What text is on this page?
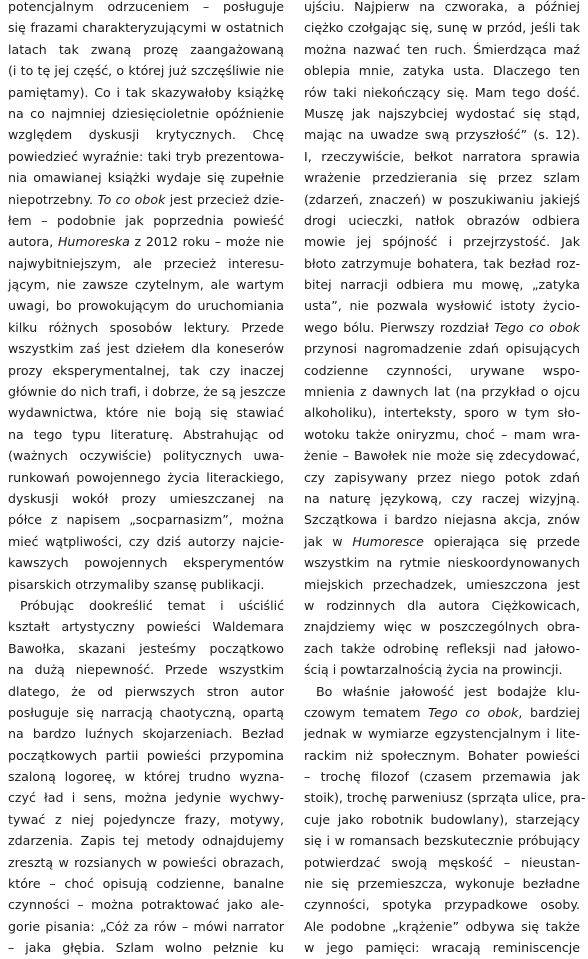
potencjalnym odrzuceniem – posługuje
się frazami charakteryzującymi w ostatnich
latach tak zwaną prozę zaangażowaną
(i to tę jej część, o której już szczęśliwie nie
pamiętamy). Co i tak skazywałoby książkę
na co najmniej dziesięcioletnie opóźnienie
względem dyskusji krytycznych. Chcę
powiedzieć wyraźnie: taki tryb prezentowa-
nia omawianej książki wydaje się zupełnie
niepotrzebny. To co obok jest przecież dzie-
łem – podobnie jak poprzednia powieść
autora, Humoreska z 2012 roku – może nie
najwybitniejszym, ale przecież interesu-
jącym, nie zawsze czytelnym, ale wartym
uwagi, bo prowokującym do uruchomiania
kilku różnych sposobów lektury. Przede
wszystkim zaś jest dziełem dla koneserów
prozy eksperymentalnej, tak czy inaczej
głównie do nich trafi, i dobrze, że są jeszcze
wydawnictwa, które nie boją się stawiać
na tego typu literaturę. Abstrahując od
(ważnych oczywiście) politycznych uwa-
runkowań powojennego życia literackiego,
dyskusji wokół prozy umieszczanej na
półce z napisem „socparnasizm”, można
mieć wątpliwości, czy dziś autorzy najcie-
kawszych powojennych eksperymentów
pisarskich otrzymaliby szansę publikacji.
Próbując dookreślić temat i uściślić
kształt artystyczny powieści Waldemara
Bawołka, skazani jesteśmy początkowo
na dużą niepewność. Przede wszystkim
dlatego, że od pierwszych stron autor
posługuje się narracją chaotyczną, opartą
na bardzo luźnych skojarzeniach. Bezład
początkowych partii powieści przypomina
szaloną logoreę, w której trudno wyzna-
czyć ład i sens, można jedynie wychwy-
tywać z niej pojedyncze frazy, motywy,
zdarzenia. Zapis tej metody odnajdujemy
zresztą w rozsianych w powieści obrazach,
które – choć opisują codzienne, banalne
czynności – można potraktować jako ale-
gorie pisania: „Cóż za rów – mówi narrator
– jaka głębia. Szlam wolno pełznie ku
ujściu. Najpierw na czworaka, a później
ciężko czołgając się, sunę w przód, jeśli tak
można nazwać ten ruch. Śmierdząca maź
oblepia mnie, zatyka usta. Dlaczego ten
rów taki niekończący się. Mam tego dość.
Muszę jak najszybciej wydostać się stąd,
mając na uwadze swą przyszłość” (s. 12).
I, rzeczywiście, bełkot narratora sprawia
wrażenie przedzierania się przez szlam
(zdarzeń, znaczeń) w poszukiwaniu jakiejś
drogi ucieczki, natłok obrazów odbiera
mowie jej spójność i przejrzystość. Jak
błoto zatrzymuje bohatera, tak bezład roz-
bitej narracji odbiera mu mowę, „zatyka
usta”, nie pozwala wysłowić istoty życio-
wego bólu. Pierwszy rozdział Tego co obok
przynosi nagromadzenie zdań opisujących
codzienne czynności, urywane wspo-
mnienia z dawnych lat (na przykład o ojcu
alkoholiku), interteksty, sporo w tym sło-
wotoku także oniryzmu, choć – mam wra-
żenie – Bawołek nie może się zdecydować,
czy zapisywany przez niego potok zdań
na naturę językową, czy raczej wizyjną.
Szczątkowa i bardzo niejasna akcja, znów
jak w Humoresce opierająca się przede
wszystkim na rytmie nieskoordynowanych
miejskich przechadzek, umieszczona jest
w rodzinnych dla autora Ciężkowicach,
znajdziemy więc w poszczególnych obra-
zach także odrobinę refleksji nad jałowo-
ścią i powtarzalnością życia na prowincji.
Bo właśnie jałowość jest bodajże klu-
czowym tematem Tego co obok, bardziej
jednak w wymiarze egzystencjalnym i lite-
rackim niż społecznym. Bohater powieści
– trochę filozof (czasem przemawia jak
stoik), trochę parweniusz (sprząta ulice, pra-
cuje jako robotnik budowlany), starzejący
się i w romansach bezskutecznie próbujący
potwierdzać swoją męskość – nieustan-
nie się przemieszcza, wykonuje bezładne
czynności, spotyka przypadkowe osoby.
Ale podobne „krążenie” odbywa się także
w jego pamięci: wracają reminiscencje
